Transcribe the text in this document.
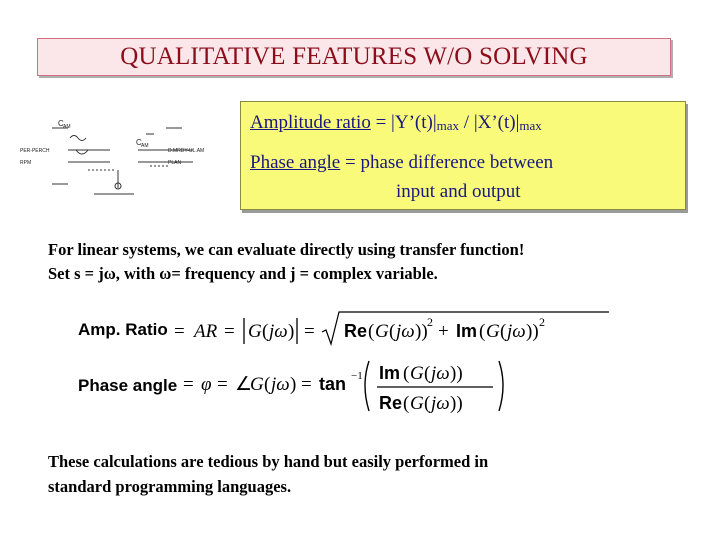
QUALITATIVE FEATURES W/O SOLVING
C AM
C AM
PER-PERCH
RPM
D.MRDY-UL.AM
PLAN
Amplitude ratio = $|Y’(t)|_{max}$ / $|X’(t)|_{max}$
Phase angle = phase difference between
input and output
For linear systems, we can evaluate directly using transfer function!
Set s = jω, with ω= frequency and j = complex variable.
Amp. Ratio = AR = G ( jω ) = Re ( G ( jω )) 2 + Im ( G ( jω )) 2
Phase angle = φ = ∠
G ( jω ) = tan −1 Im ( G ( jω ))
Re ( G ( jω ))
These calculations are tedious by hand but easily performed in
standard programming languages.
